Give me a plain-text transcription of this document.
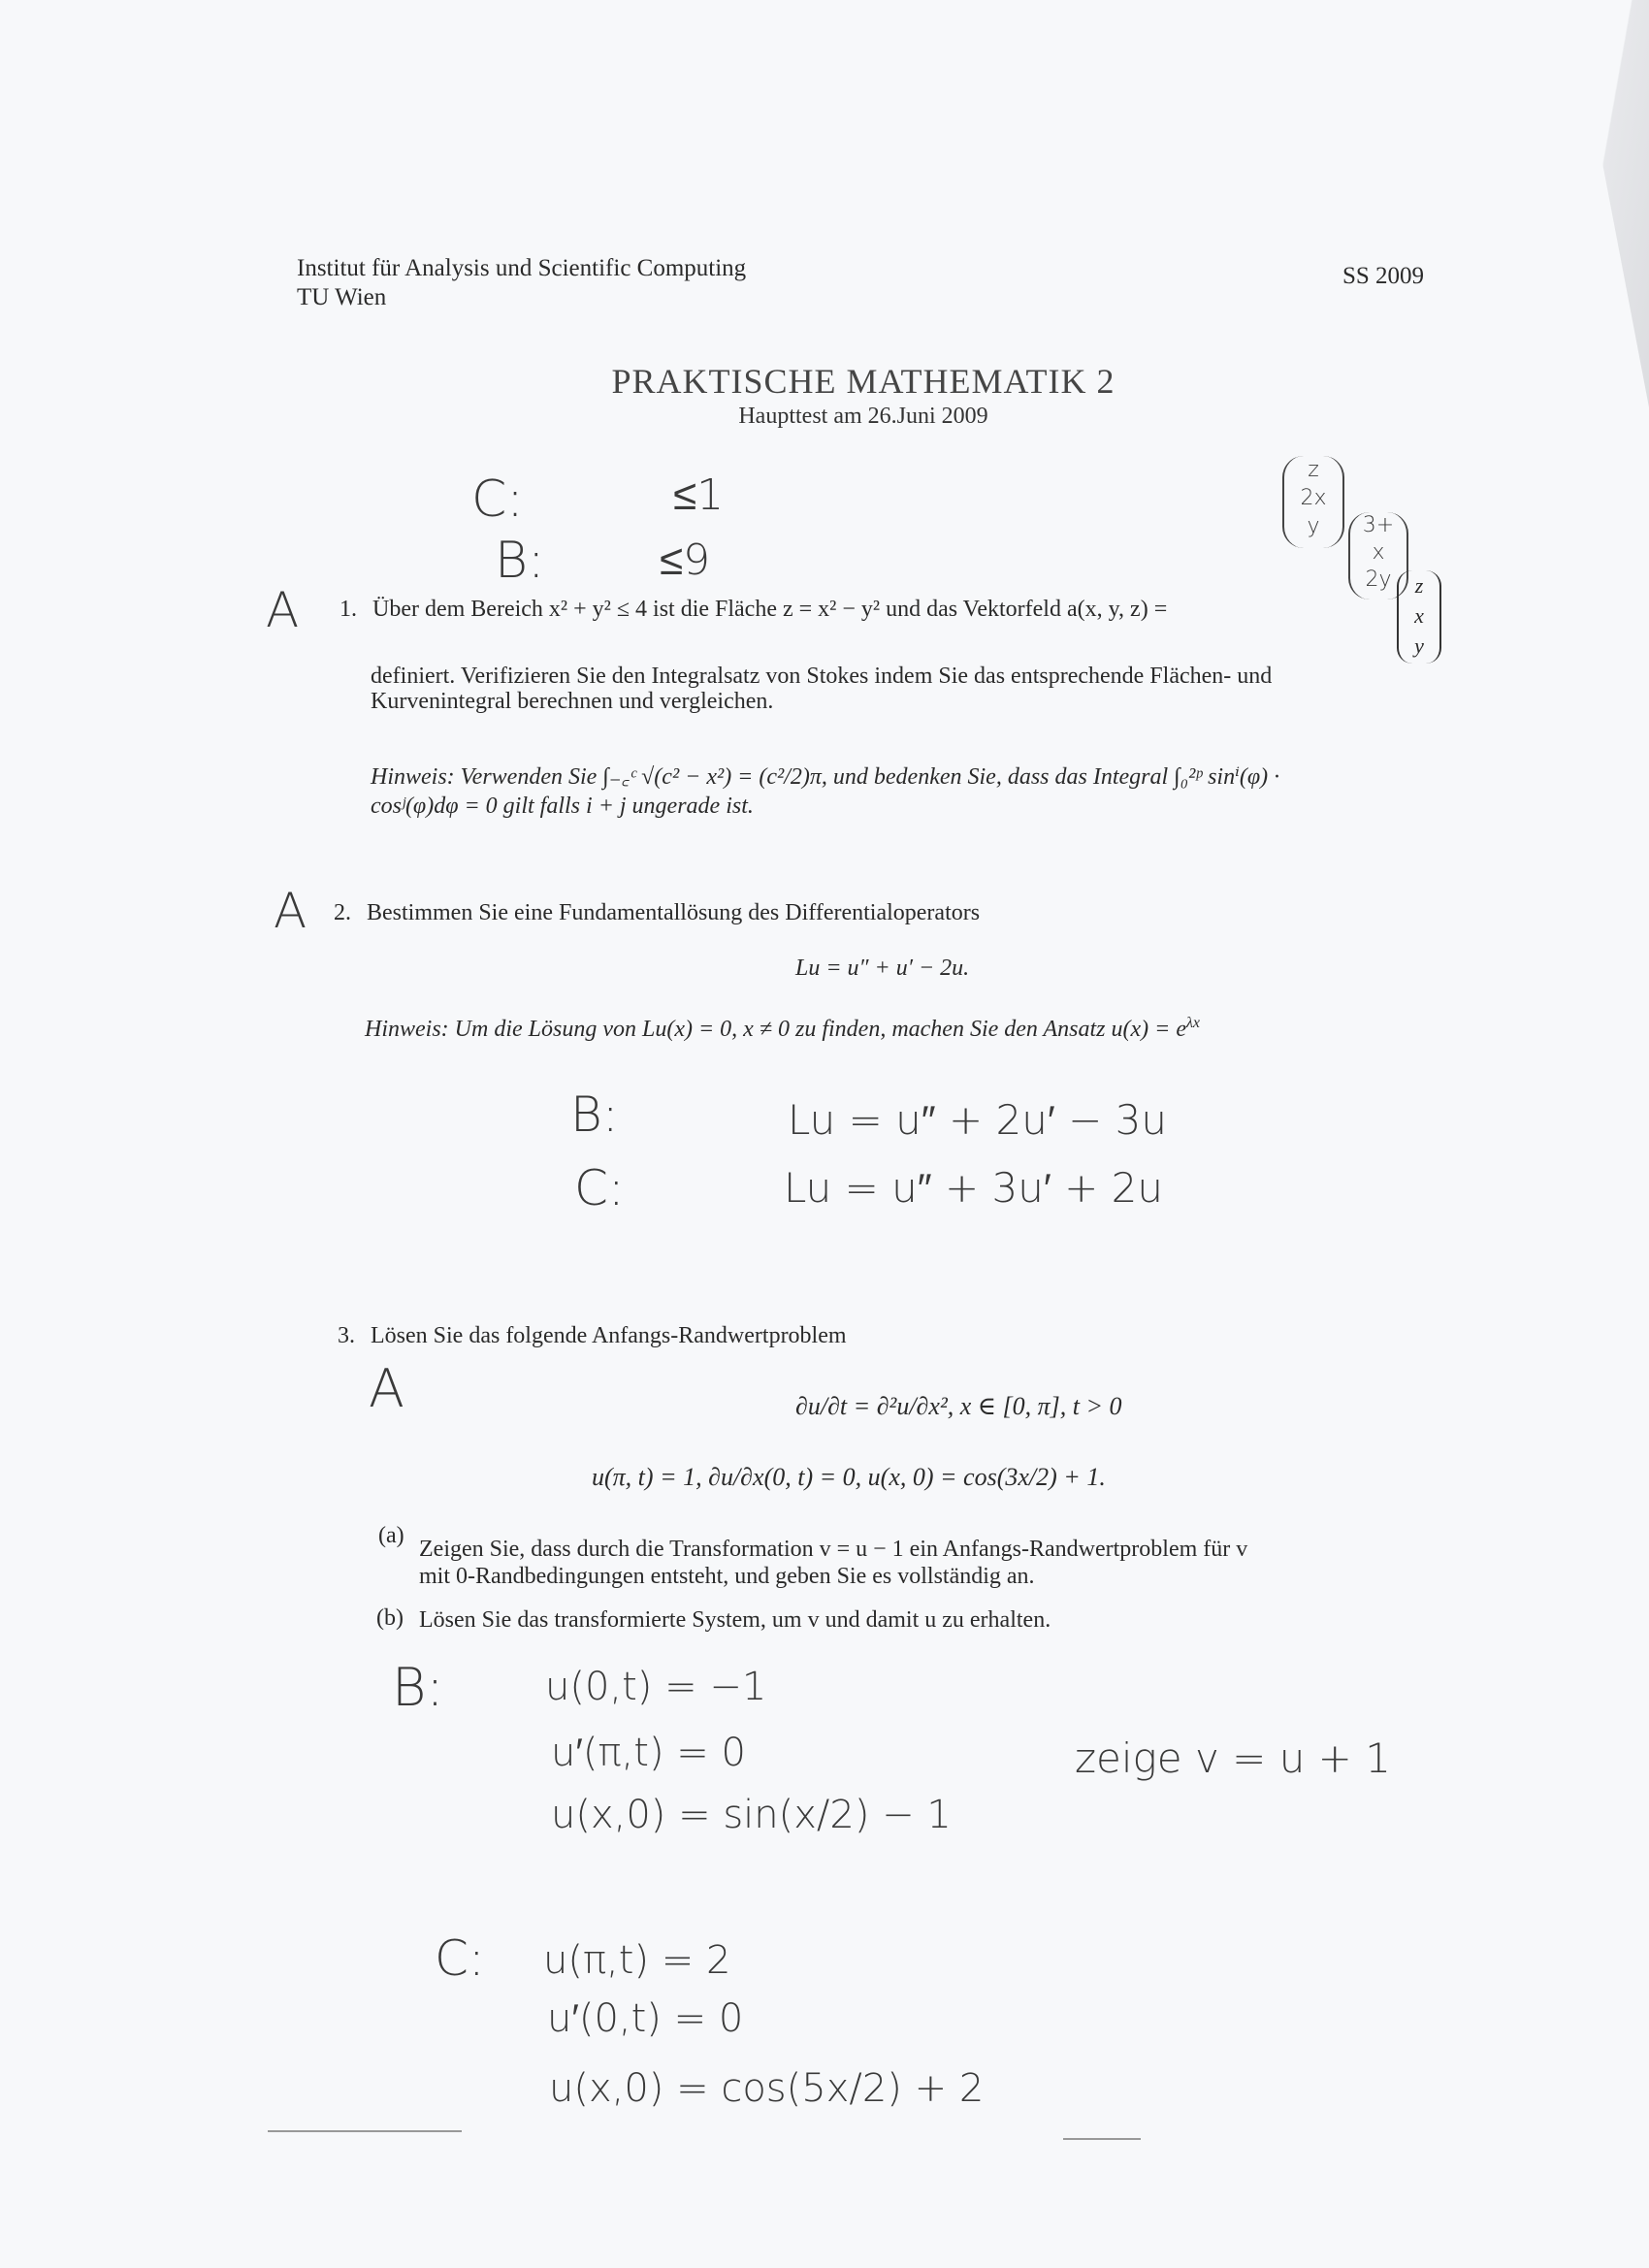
Institut für Analysis und Scientific Computing
TU Wien
SS 2009
PRAKTISCHE MATHEMATIK 2
Haupttest am 26.Juni 2009
C:	≤1
B:	≤9
z
2x
y	3+
x
2y
A 1. Über dem Bereich x² + y² ≤ 4 ist die Fläche z = x² − y² und das Vektorfeld a(x, y, z) =
z
x
y
definiert. Verifizieren Sie den Integralsatz von Stokes indem Sie das entsprechende Flächen- und
Kurvenintegral berechnen und vergleichen.
Hinweis: Verwenden Sie ∫₋꜀ᶜ √(c² − x²) = (c²/2)π, und bedenken Sie, dass das Integral ∫₀²ᵖ sinⁱ(φ) ·
cosʲ(φ)dφ = 0 gilt falls i + j ungerade ist.
A 2. Bestimmen Sie eine Fundamentallösung des Differentialoperators
Lu = u″ + u′ − 2u.
Hinweis: Um die Lösung von Lu(x) = 0, x ≠ 0 zu finden, machen Sie den Ansatz $u(x) = e^{\lambda x}$
B:	Lu = u″ + 2u′ − 3u
C:	Lu = u″ + 3u′ + 2u
3. Lösen Sie das folgende Anfangs-Randwertproblem
A	∂u/∂t = ∂²u/∂x², x ∈ [0, π], t > 0
u(π, t) = 1, ∂u/∂x(0, t) = 0, u(x, 0) = cos(3x/2) + 1.
(a)
Zeigen Sie, dass durch die Transformation v = u − 1 ein Anfangs-Randwertproblem für v
mit 0-Randbedingungen entsteht, und geben Sie es vollständig an.
(b) Lösen Sie das transformierte System, um v und damit u zu erhalten.
B:	u(0,t) = −1
u′(π,t) = 0
u(x,0) = sin(x/2) − 1
zeige v = u + 1
C: u(π,t) = 2
u′(0,t) = 0
u(x,0) = cos(5x/2) + 2
